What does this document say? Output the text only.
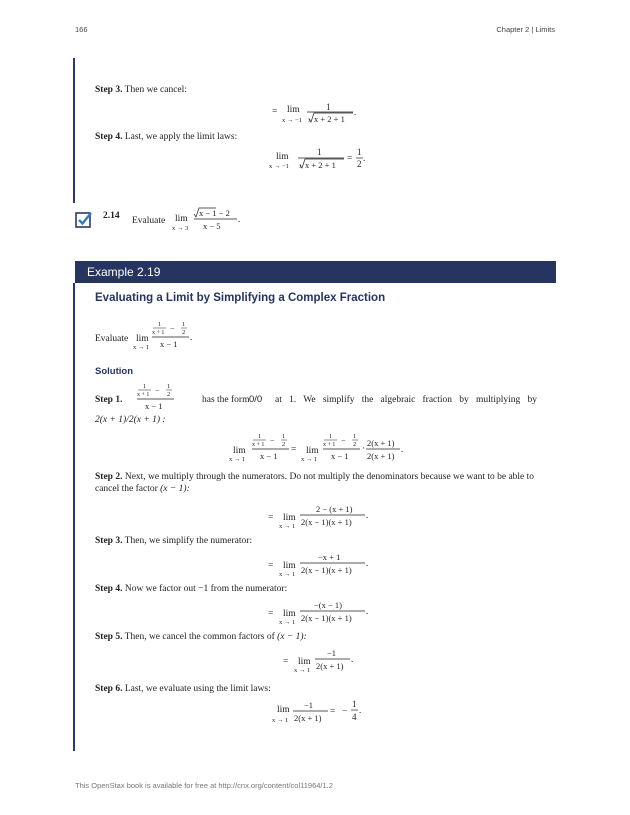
166	Chapter 2 | Limits
Step 3. Then we cancel:
= lim
x → −1
1
3 x + 2 + 1
.
Step 4. Last, we apply the limit laws:
lim
x → −1
1
3 x + 2 + 1
=
1
2
.
2.14 Evaluate lim
x → 3
x − 1 − 2
x − 5
.
Example 2.19
Evaluating a Limit by Simplifying a Complex Fraction
Evaluate lim
x → 1
1
x + 1 − 1
2
x − 1
.
Solution
Step 1.
1
x + 1 − 1
2
x − 1
has the form 0/0 at 1. We simplify the algebraic fraction by multiplying by
2(x + 1)/2(x + 1) :
lim
x → 1
1
x + 1 − 1
2
x − 1
= lim
x → 1
1
x + 1 − 1
2
x − 1
· 2(x + 1)
2(x + 1)
.
Step 2. Next, we multiply through the numerators. Do not multiply the denominators because we want to be able to cancel the factor (x − 1):
= lim
x → 1
2 − (x + 1)
2(x − 1)(x + 1)
.
Step 3. Then, we simplify the numerator:
= lim
x → 1
−x + 1
2(x − 1)(x + 1)
.
Step 4. Now we factor out −1 from the numerator:
= lim
x → 1
−(x − 1)
2(x − 1)(x + 1)
.
Step 5. Then, we cancel the common factors of (x − 1):
= lim
x → 1
−1
2(x + 1)
.
Step 6. Last, we evaluate using the limit laws:
lim
x → 1
−1
2(x + 1)
= −
1
4
.
This OpenStax book is available for free at http://cnx.org/content/col11964/1.2
